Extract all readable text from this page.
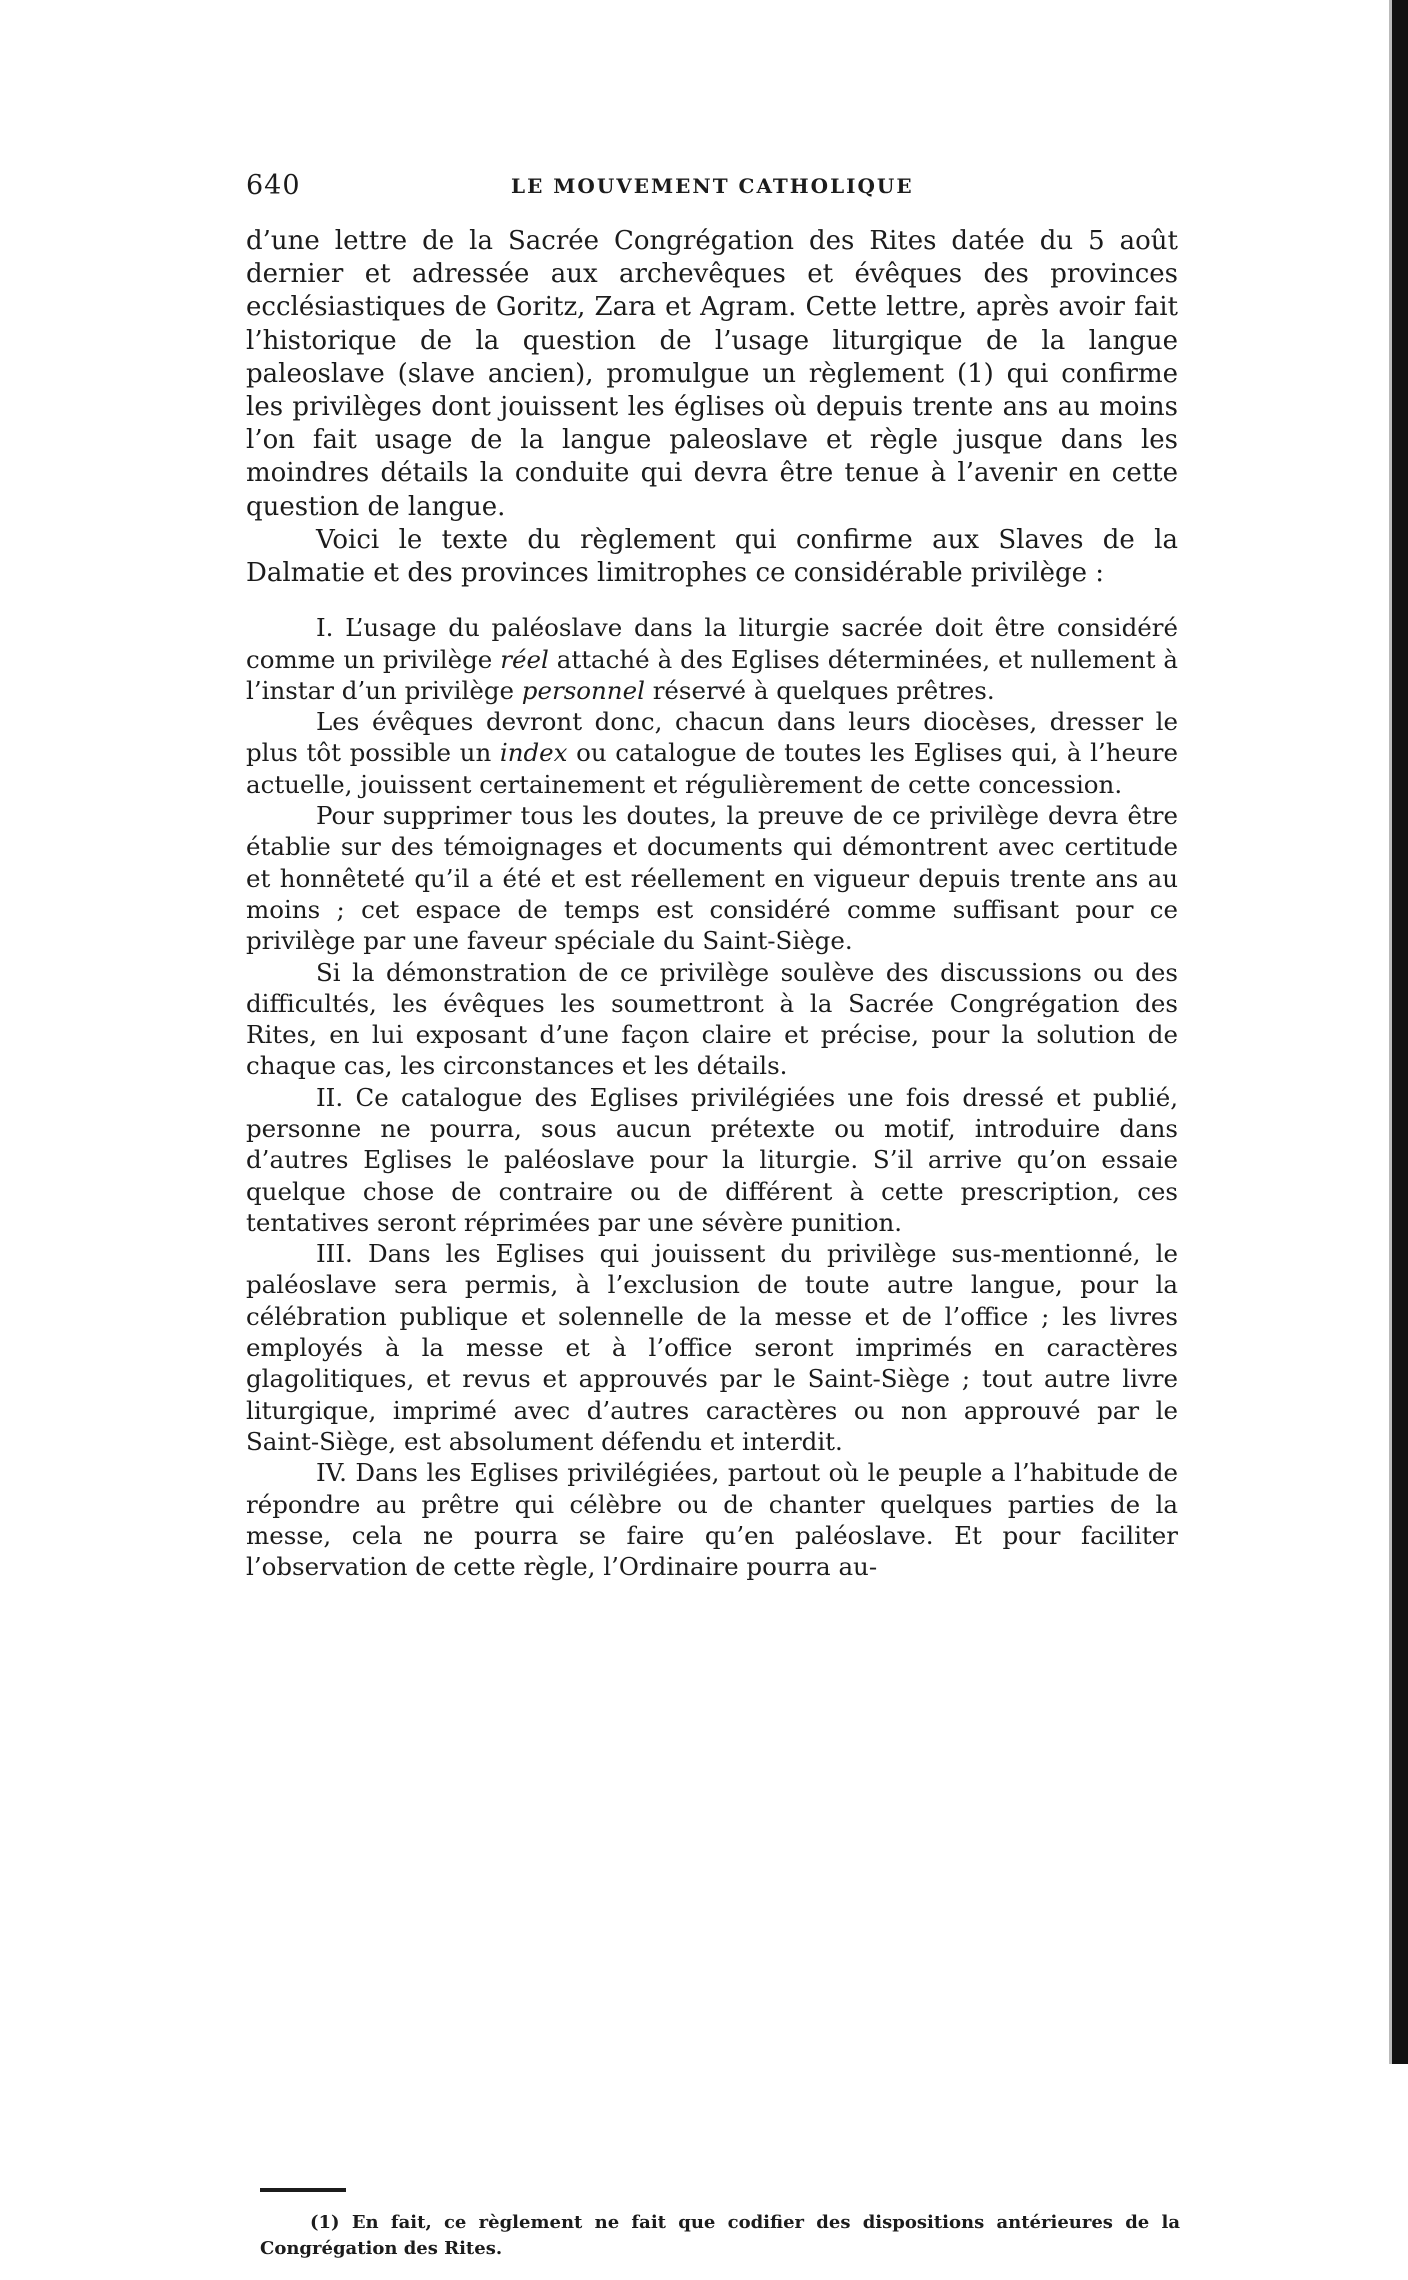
640	LE MOUVEMENT CATHOLIQUE

d’une lettre de la Sacrée Congrégation des Rites datée du 5 août dernier et adressée aux archevêques et évêques des provinces ecclésiastiques de Goritz, Zara et Agram. Cette lettre, après avoir fait l’historique de la question de l’usage liturgique de la langue paleoslave (slave ancien), promulgue un règlement (1) qui confirme les privilèges dont jouissent les églises où depuis trente ans au moins l’on fait usage de la langue paleoslave et règle jusque dans les moindres détails la conduite qui devra être tenue à l’avenir en cette question de langue.

Voici le texte du règlement qui confirme aux Slaves de la Dalmatie et des provinces limitrophes ce considérable privilège :

I. L’usage du paléoslave dans la liturgie sacrée doit être considéré comme un privilège réel attaché à des Eglises déterminées, et nullement à l’instar d’un privilège personnel réservé à quelques prêtres.

Les évêques devront donc, chacun dans leurs diocèses, dresser le plus tôt possible un index ou catalogue de toutes les Eglises qui, à l’heure actuelle, jouissent certainement et régulièrement de cette concession.

Pour supprimer tous les doutes, la preuve de ce privilège devra être établie sur des témoignages et documents qui démontrent avec certitude et honnêteté qu’il a été et est réellement en vigueur depuis trente ans au moins ; cet espace de temps est considéré comme suffisant pour ce privilège par une faveur spéciale du Saint-Siège.

Si la démonstration de ce privilège soulève des discussions ou des difficultés, les évêques les soumettront à la Sacrée Congrégation des Rites, en lui exposant d’une façon claire et précise, pour la solution de chaque cas, les circonstances et les détails.

II. Ce catalogue des Eglises privilégiées une fois dressé et publié, personne ne pourra, sous aucun prétexte ou motif, introduire dans d’autres Eglises le paléoslave pour la liturgie. S’il arrive qu’on essaie quelque chose de contraire ou de différent à cette prescription, ces tentatives seront réprimées par une sévère punition.

III. Dans les Eglises qui jouissent du privilège sus-mentionné, le paléoslave sera permis, à l’exclusion de toute autre langue, pour la célébration publique et solennelle de la messe et de l’office ; les livres employés à la messe et à l’office seront imprimés en caractères glagolitiques, et revus et approuvés par le Saint-Siège ; tout autre livre liturgique, imprimé avec d’autres caractères ou non approuvé par le Saint-Siège, est absolument défendu et interdit.

IV. Dans les Eglises privilégiées, partout où le peuple a l’habitude de répondre au prêtre qui célèbre ou de chanter quelques parties de la messe, cela ne pourra se faire qu’en paléoslave. Et pour faciliter l’observation de cette règle, l’Ordinaire pourra au-

(1) En fait, ce règlement ne fait que codifier des dispositions antérieures de la Congrégation des Rites.
